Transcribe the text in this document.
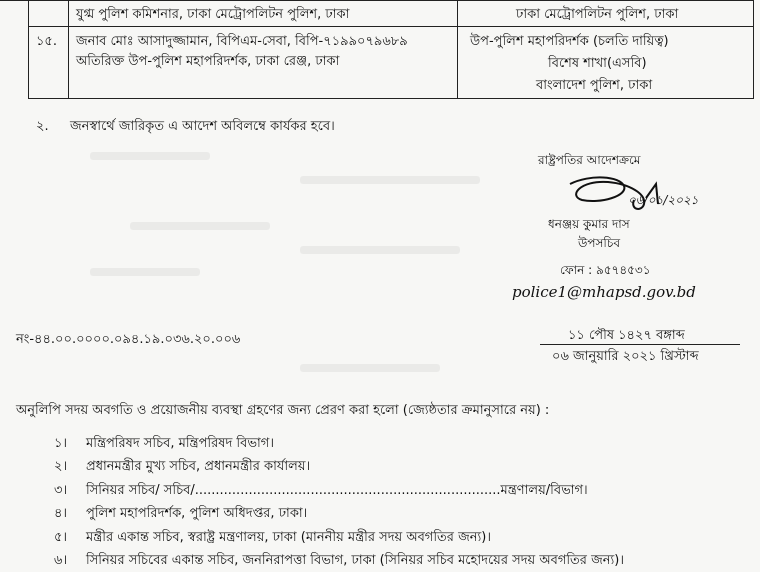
যুগ্ম পুলিশ কমিশনার, ঢাকা মেট্রোপলিটন পুলিশ, ঢাকা	ঢাকা মেট্রোপলিটন পুলিশ, ঢাকা
১৫. জনাব মোঃ আসাদুজ্জামান, বিপিএম-সেবা, বিপি-৭১৯৯০৭৯৬৮৯
অতিরিক্ত উপ-পুলিশ মহাপরিদর্শক, ঢাকা রেঞ্জ, ঢাকা
উপ-পুলিশ মহাপরিদর্শক (চলতি দায়িত্ব)
বিশেষ শাখা(এসবি)
বাংলাদেশ পুলিশ, ঢাকা
২. জনস্বার্থে জারিকৃত এ আদেশ অবিলম্বে কার্যকর হবে।
রাষ্ট্রপতির আদেশক্রমে
০৬/০১/২০২১
ধনঞ্জয় কুমার দাস
উপসচিব
ফোন : ৯৫৭৪৫৩১
police1@mhapsd.gov.bd
নং-৪৪.০০.০০০০.০৯৪.১৯.০৩৬.২০.০০৬	১১ পৌষ ১৪২৭ বঙ্গাব্দ
০৬ জানুয়ারি ২০২১ খ্রিস্টাব্দ
অনুলিপি সদয় অবগতি ও প্রয়োজনীয় ব্যবস্থা গ্রহণের জন্য প্রেরণ করা হলো (জ্যেষ্ঠতার ক্রমানুসারে নয়) :
১। মন্ত্রিপরিষদ সচিব, মন্ত্রিপরিষদ বিভাগ।
২। প্রধানমন্ত্রীর মুখ্য সচিব, প্রধানমন্ত্রীর কার্যালয়।
৩। সিনিয়র সচিব/ সচিব/..........................................................................মন্ত্রণালয়/বিভাগ।
৪। পুলিশ মহাপরিদর্শক, পুলিশ অধিদপ্তর, ঢাকা।
৫। মন্ত্রীর একান্ত সচিব, স্বরাষ্ট্র মন্ত্রণালয়, ঢাকা (মাননীয় মন্ত্রীর সদয় অবগতির জন্য)।
৬। সিনিয়র সচিবের একান্ত সচিব, জননিরাপত্তা বিভাগ, ঢাকা (সিনিয়র সচিব মহোদয়ের সদয় অবগতির জন্য)।
